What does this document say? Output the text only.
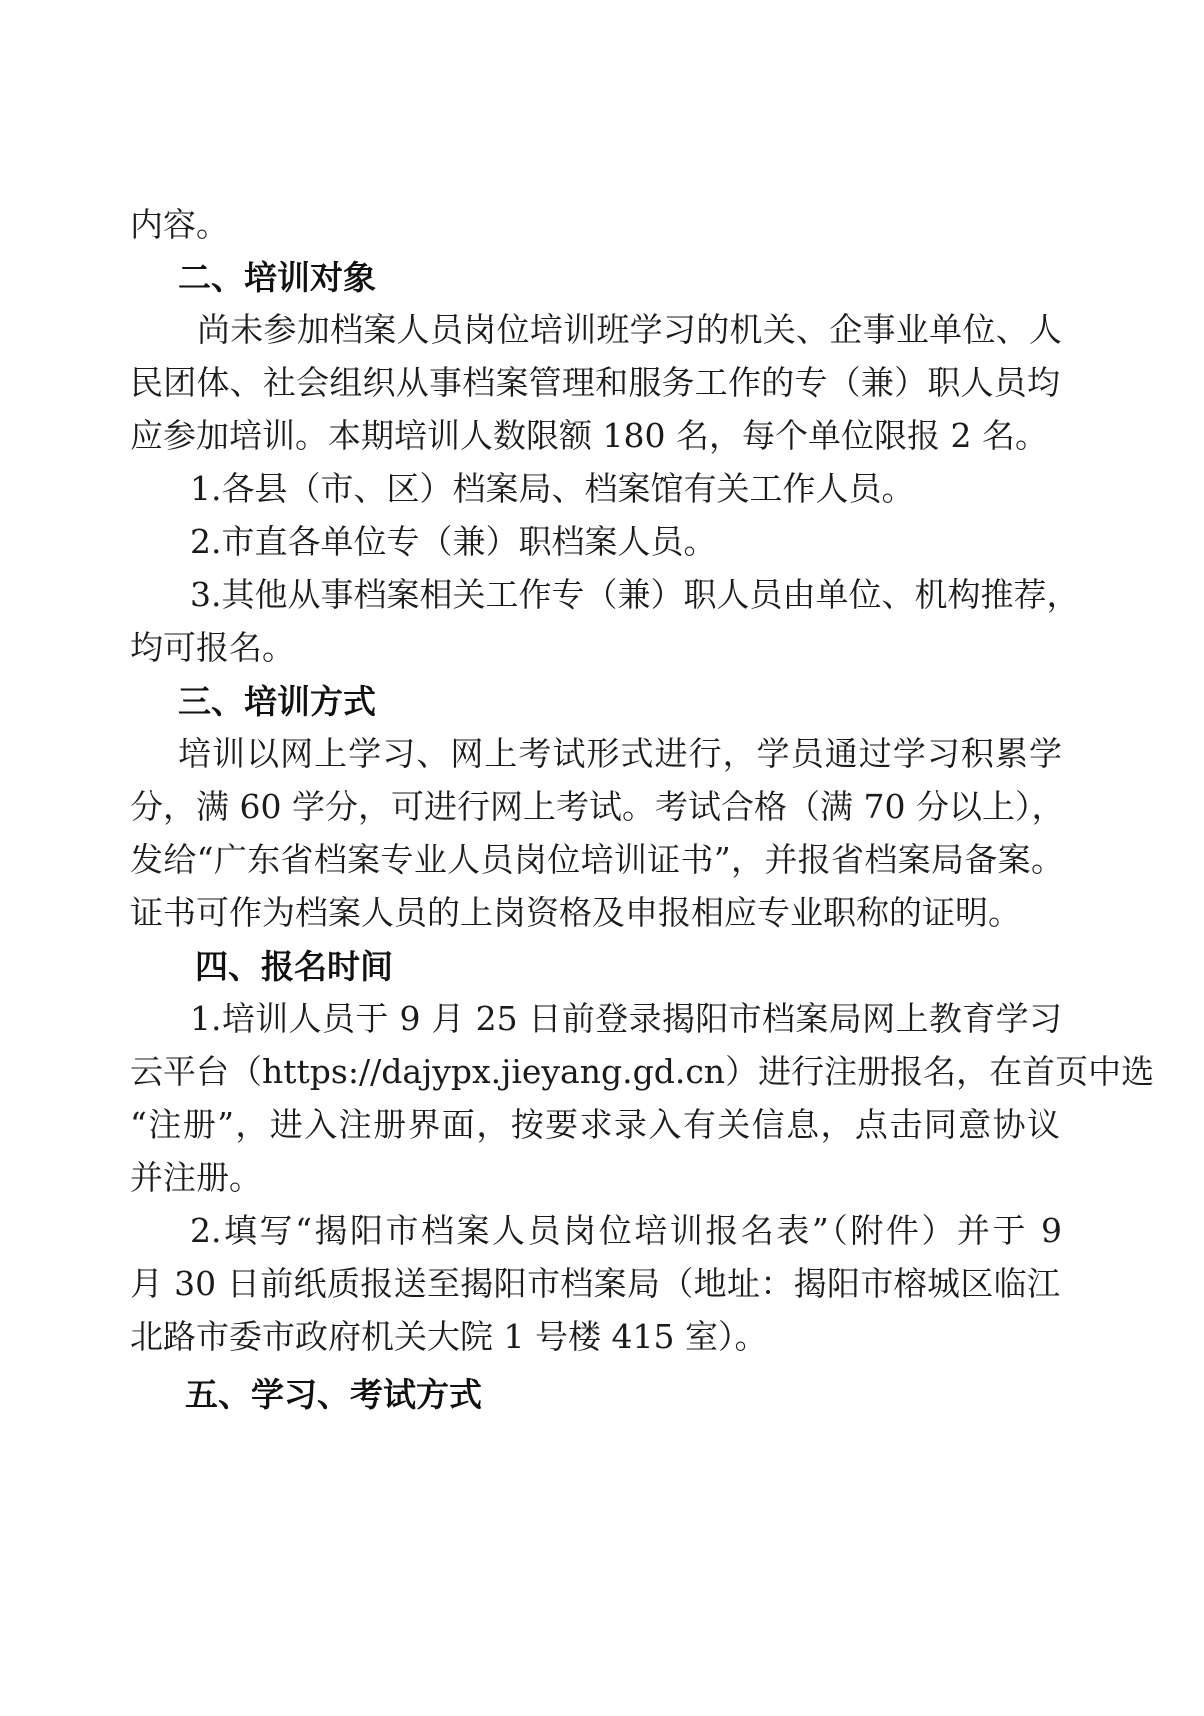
内容。
二、培训对象
尚未参加档案人员岗位培训班学习的机关、企事业单位、人
民团体、社会组织从事档案管理和服务工作的专（兼）职人员均
应参加培训。本期培训人数限额 180 名，每个单位限报 2 名。
1.各县（市、区）档案局、档案馆有关工作人员。
2.市直各单位专（兼）职档案人员。
3.其他从事档案相关工作专（兼）职人员由单位、机构推荐，
均可报名。
三、培训方式
培训以网上学习、网上考试形式进行，学员通过学习积累学
分，满 60 学分，可进行网上考试。考试合格（满 70 分以上），
发给“广东省档案专业人员岗位培训证书”，并报省档案局备案。
证书可作为档案人员的上岗资格及申报相应专业职称的证明。
四、报名时间
1.培训人员于 9 月 25 日前登录揭阳市档案局网上教育学习
云平台（https://dajypx.jieyang.gd.cn）进行注册报名，在首页中选
“注册”，进入注册界面，按要求录入有关信息，点击同意协议
并注册。
2.填写“揭阳市档案人员岗位培训报名表”（附件）并于 9
月 30 日前纸质报送至揭阳市档案局（地址：揭阳市榕城区临江
北路市委市政府机关大院 1 号楼 415 室）。
五、学习、考试方式
